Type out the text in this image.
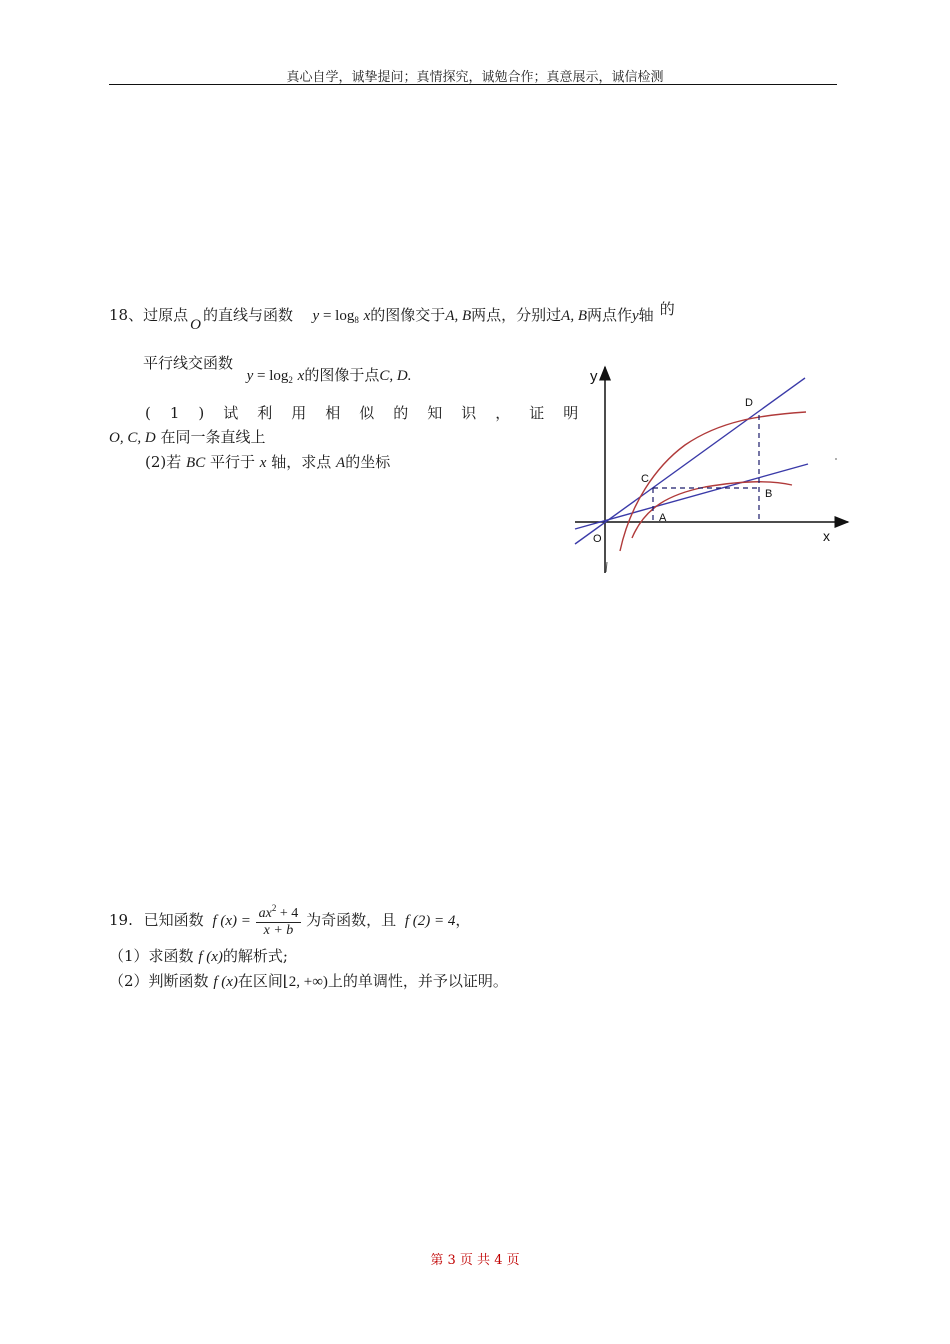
真心自学，诚挚提问；真情探究，诚勉合作；真意展示，诚信检测
18、过原点O的直线与函数 $y = \log_8 x$的图像交于A, B两点，分别过A, B两点作y轴 的
平行线交函数  $y = \log_2 x$的图像于点C, D.
(1)试利用相似的知识，证明
O, C, D 在同一条直线上
(2)若 BC 平行于 x 轴，求点 A的坐标
y
x
O
A
B
C
D
19. 已知函数 f $(x) = \frac{ax^2 + 4}{x + b}$ 为奇函数，且 f (2) = 4，
（1）求函数 f (x)的解析式;
（2）判断函数 f (x)在区间⌊2, +∞)上的单调性，并予以证明。
第 3 页 共 4 页
